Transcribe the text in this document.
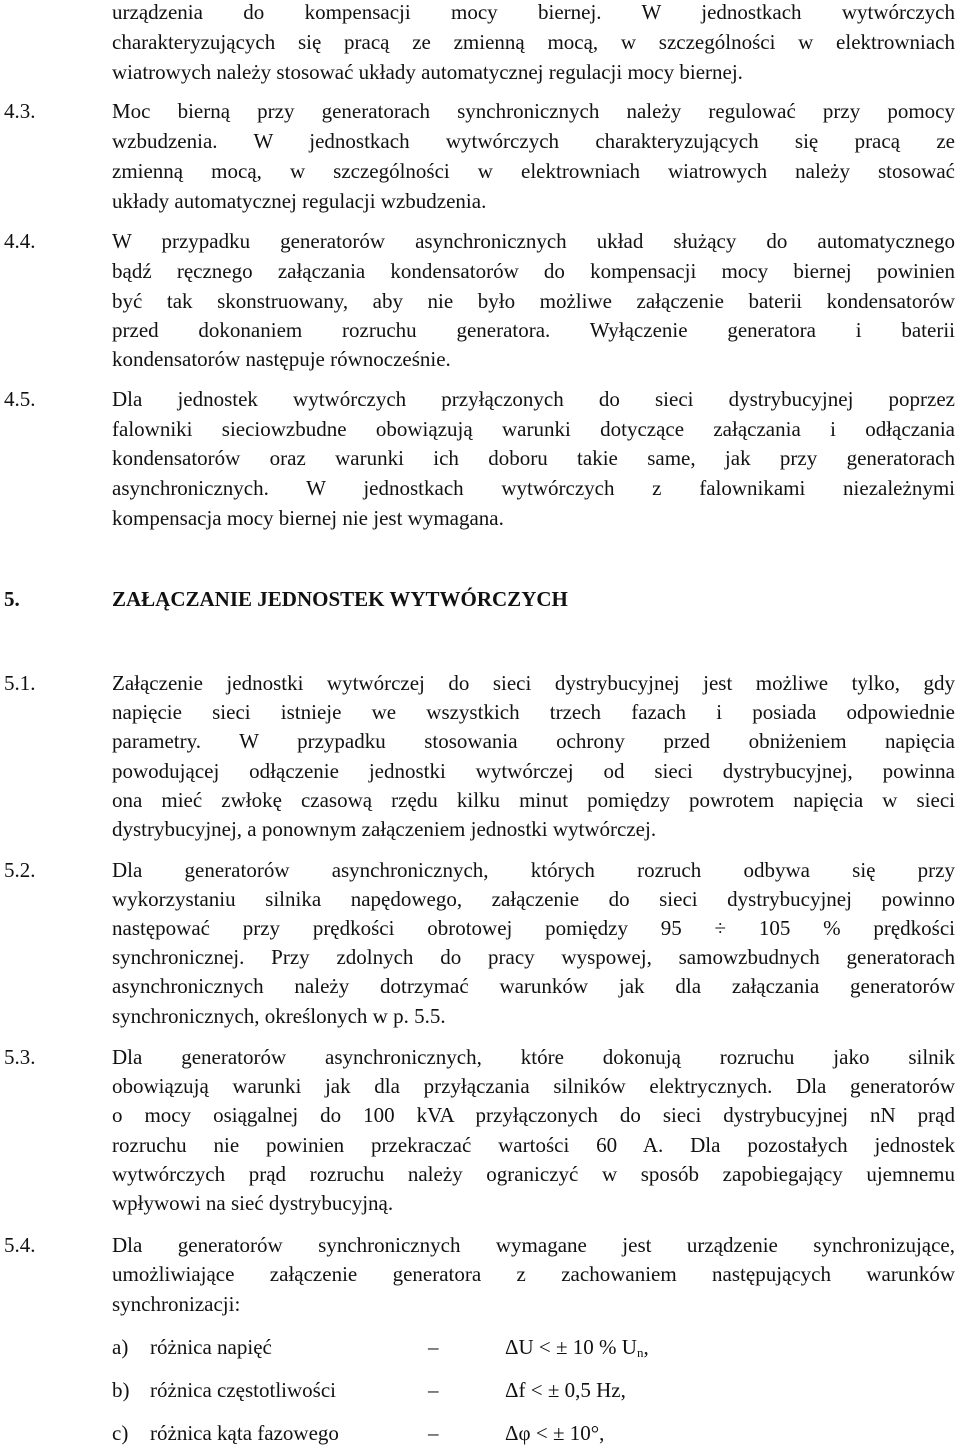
urządzenia do kompensacji mocy biernej. W jednostkach wytwórczych
charakteryzujących się pracą ze zmienną mocą, w szczególności w elektrowniach
wiatrowych należy stosować układy automatycznej regulacji mocy biernej.
4.3.	Moc bierną przy generatorach synchronicznych należy regulować przy pomocy
wzbudzenia. W jednostkach wytwórczych charakteryzujących się pracą ze
zmienną mocą, w szczególności w elektrowniach wiatrowych należy stosować
układy automatycznej regulacji wzbudzenia.
4.4.	W przypadku generatorów asynchronicznych układ służący do automatycznego
bądź ręcznego załączania kondensatorów do kompensacji mocy biernej powinien
być tak skonstruowany, aby nie było możliwe załączenie baterii kondensatorów
przed dokonaniem rozruchu generatora. Wyłączenie generatora i baterii
kondensatorów następuje równocześnie.
4.5.	Dla jednostek wytwórczych przyłączonych do sieci dystrybucyjnej poprzez
falowniki sieciowzbudne obowiązują warunki dotyczące załączania i odłączania
kondensatorów oraz warunki ich doboru takie same, jak przy generatorach
asynchronicznych. W jednostkach wytwórczych z falownikami niezależnymi
kompensacja mocy biernej nie jest wymagana.
5.	ZAŁĄCZANIE JEDNOSTEK WYTWÓRCZYCH
5.1.	Załączenie jednostki wytwórczej do sieci dystrybucyjnej jest możliwe tylko, gdy
napięcie sieci istnieje we wszystkich trzech fazach i posiada odpowiednie
parametry. W przypadku stosowania ochrony przed obniżeniem napięcia
powodującej odłączenie jednostki wytwórczej od sieci dystrybucyjnej, powinna
ona mieć zwłokę czasową rzędu kilku minut pomiędzy powrotem napięcia w sieci
dystrybucyjnej, a ponownym załączeniem jednostki wytwórczej.
5.2.	Dla generatorów asynchronicznych, których rozruch odbywa się przy
wykorzystaniu silnika napędowego, załączenie do sieci dystrybucyjnej powinno
następować przy prędkości obrotowej pomiędzy 95 ÷ 105 % prędkości
synchronicznej. Przy zdolnych do pracy wyspowej, samowzbudnych generatorach
asynchronicznych należy dotrzymać warunków jak dla załączania generatorów
synchronicznych, określonych w p. 5.5.
5.3.	Dla generatorów asynchronicznych, które dokonują rozruchu jako silnik
obowiązują warunki jak dla przyłączania silników elektrycznych. Dla generatorów
o mocy osiągalnej do 100 kVA przyłączonych do sieci dystrybucyjnej nN prąd
rozruchu nie powinien przekraczać wartości 60 A. Dla pozostałych jednostek
wytwórczych prąd rozruchu należy ograniczyć w sposób zapobiegający ujemnemu
wpływowi na sieć dystrybucyjną.
5.4.	Dla generatorów synchronicznych wymagane jest urządzenie synchronizujące,
umożliwiające załączenie generatora z zachowaniem następujących warunków
synchronizacji:
a) różnica napięć	–	ΔU < ± 10 % $U_n$,
b) różnica częstotliwości	–	Δf < ± 0,5 Hz,
c) różnica kąta fazowego	–	Δφ < ± 10°,
